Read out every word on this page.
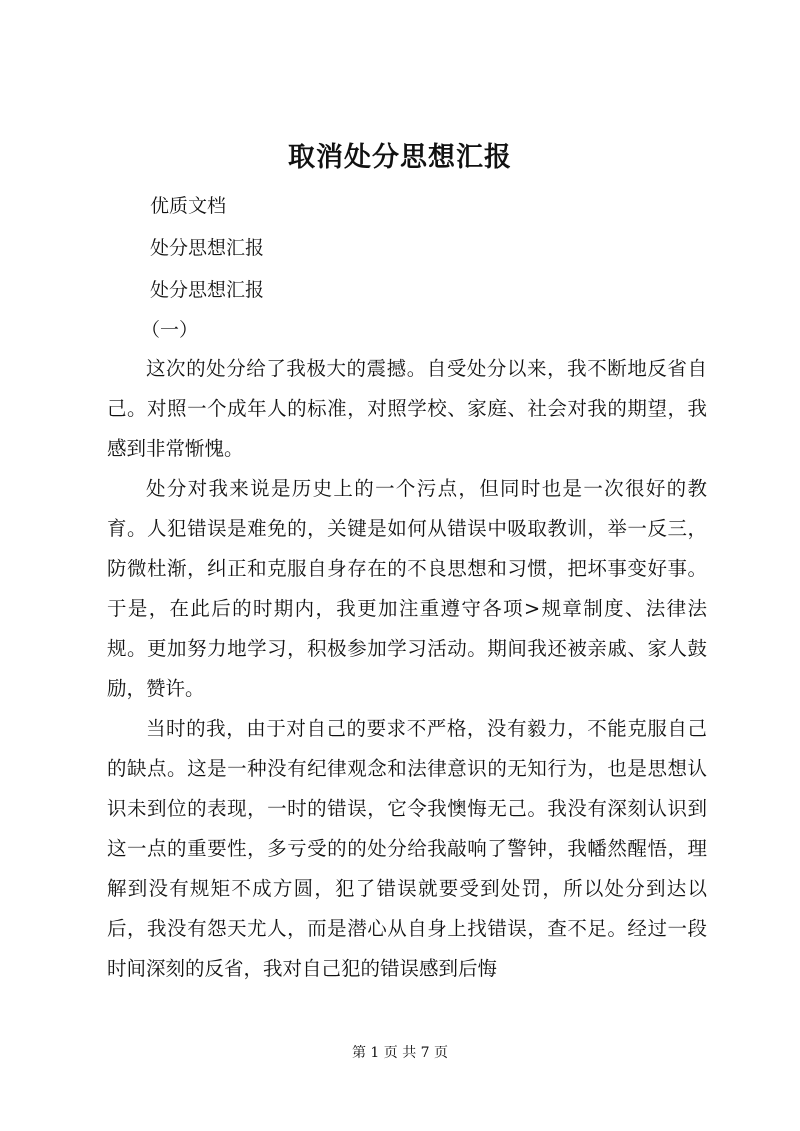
取消处分思想汇报
优质文档
处分思想汇报
处分思想汇报
（一）
这次的处分给了我极大的震撼。自受处分以来，我不断地反省自己。对照一个成年人的标准，对照学校、家庭、社会对我的期望，我感到非常惭愧。
处分对我来说是历史上的一个污点，但同时也是一次很好的教育。人犯错误是难免的，关键是如何从错误中吸取教训，举一反三，防微杜渐，纠正和克服自身存在的不良思想和习惯，把坏事变好事。于是，在此后的时期内，我更加注重遵守各项>规章制度、法律法规。更加努力地学习，积极参加学习活动。期间我还被亲戚、家人鼓励，赞许。
当时的我，由于对自己的要求不严格，没有毅力，不能克服自己的缺点。这是一种没有纪律观念和法律意识的无知行为，也是思想认识未到位的表现，一时的错误，它令我懊悔无己。我没有深刻认识到这一点的重要性，多亏受的的处分给我敲响了警钟，我幡然醒悟，理解到没有规矩不成方圆，犯了错误就要受到处罚，所以处分到达以后，我没有怨天尤人，而是潜心从自身上找错误，查不足。经过一段时间深刻的反省，我对自己犯的错误感到后悔
第 1 页 共 7 页
